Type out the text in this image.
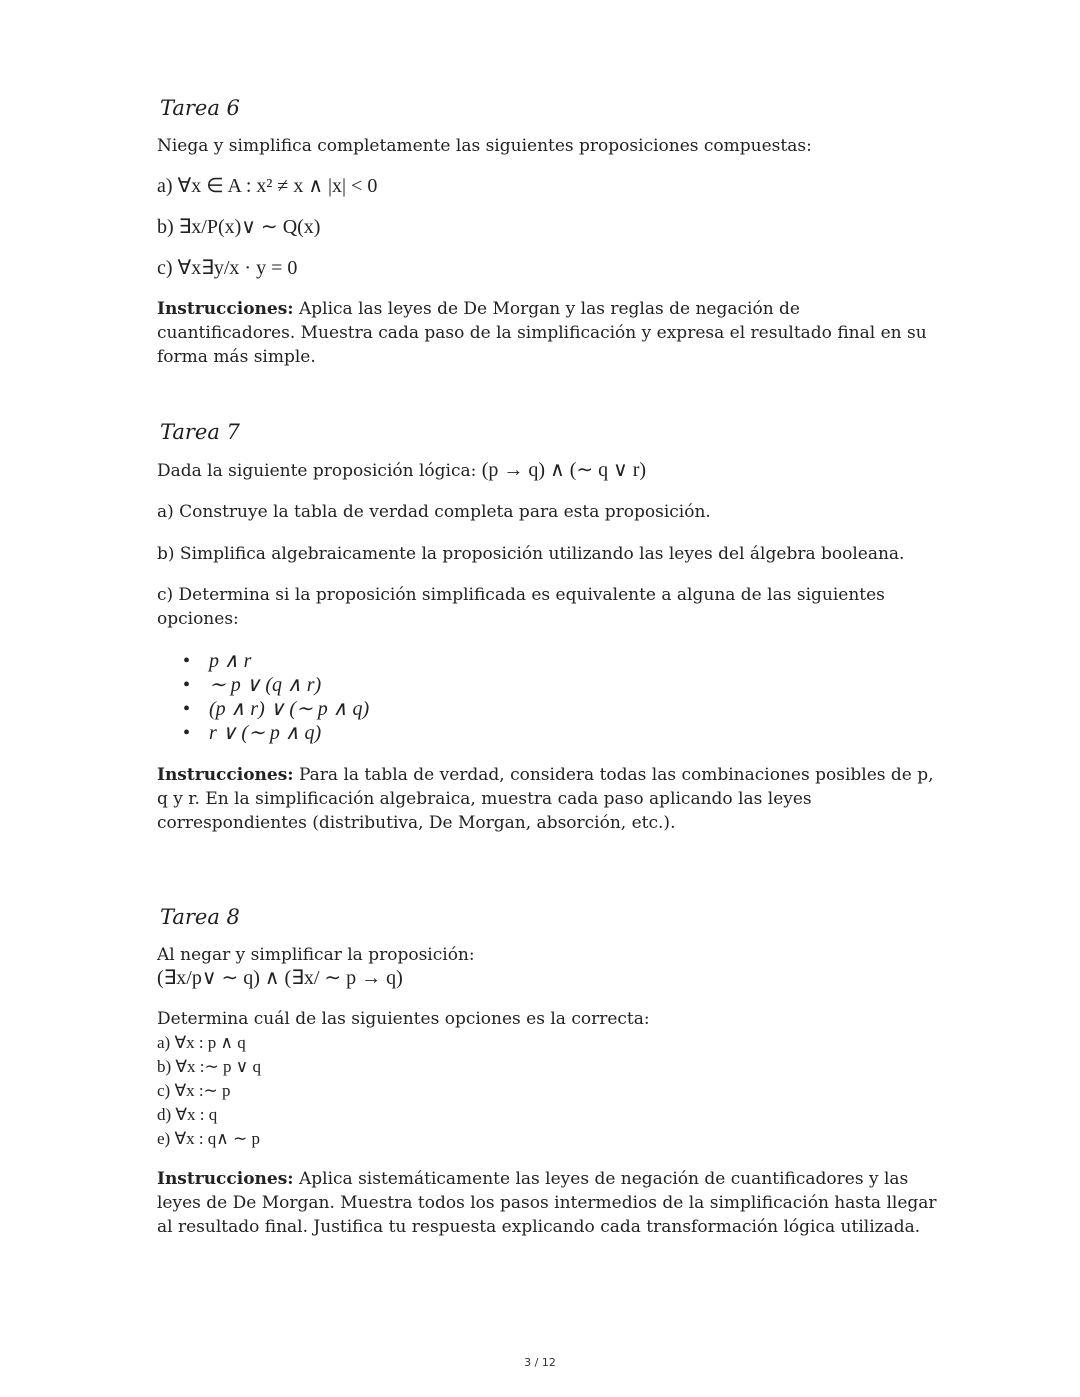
Tarea 6

Niega y simplifica completamente las siguientes proposiciones compuestas:

a) ∀x ∈ A : x² ≠ x ∧ |x| < 0

b) ∃x/P(x)∨ ∼ Q(x)

c) ∀x∃y/x · y = 0

Instrucciones: Aplica las leyes de De Morgan y las reglas de negación de cuantificadores. Muestra cada paso de la simplificación y expresa el resultado final en su forma más simple.

Tarea 7

Dada la siguiente proposición lógica: (p → q) ∧ (∼ q ∨ r)

a) Construye la tabla de verdad completa para esta proposición.

b) Simplifica algebraicamente la proposición utilizando las leyes del álgebra booleana.

c) Determina si la proposición simplificada es equivalente a alguna de las siguientes opciones:

• p ∧ r
• ∼ p ∨ (q ∧ r)
• (p ∧ r) ∨ (∼ p ∧ q)
• r ∨ (∼ p ∧ q)

Instrucciones: Para la tabla de verdad, considera todas las combinaciones posibles de p, q y r. En la simplificación algebraica, muestra cada paso aplicando las leyes correspondientes (distributiva, De Morgan, absorción, etc.).

Tarea 8

Al negar y simplificar la proposición:

(∃x/p∨ ∼ q) ∧ (∃x/ ∼ p → q)

Determina cuál de las siguientes opciones es la correcta:

a) ∀x : p ∧ q

b) ∀x :∼ p ∨ q

c) ∀x :∼ p

d) ∀x : q

e) ∀x : q∧ ∼ p

Instrucciones: Aplica sistemáticamente las leyes de negación de cuantificadores y las leyes de De Morgan. Muestra todos los pasos intermedios de la simplificación hasta llegar al resultado final. Justifica tu respuesta explicando cada transformación lógica utilizada.

3 / 12
